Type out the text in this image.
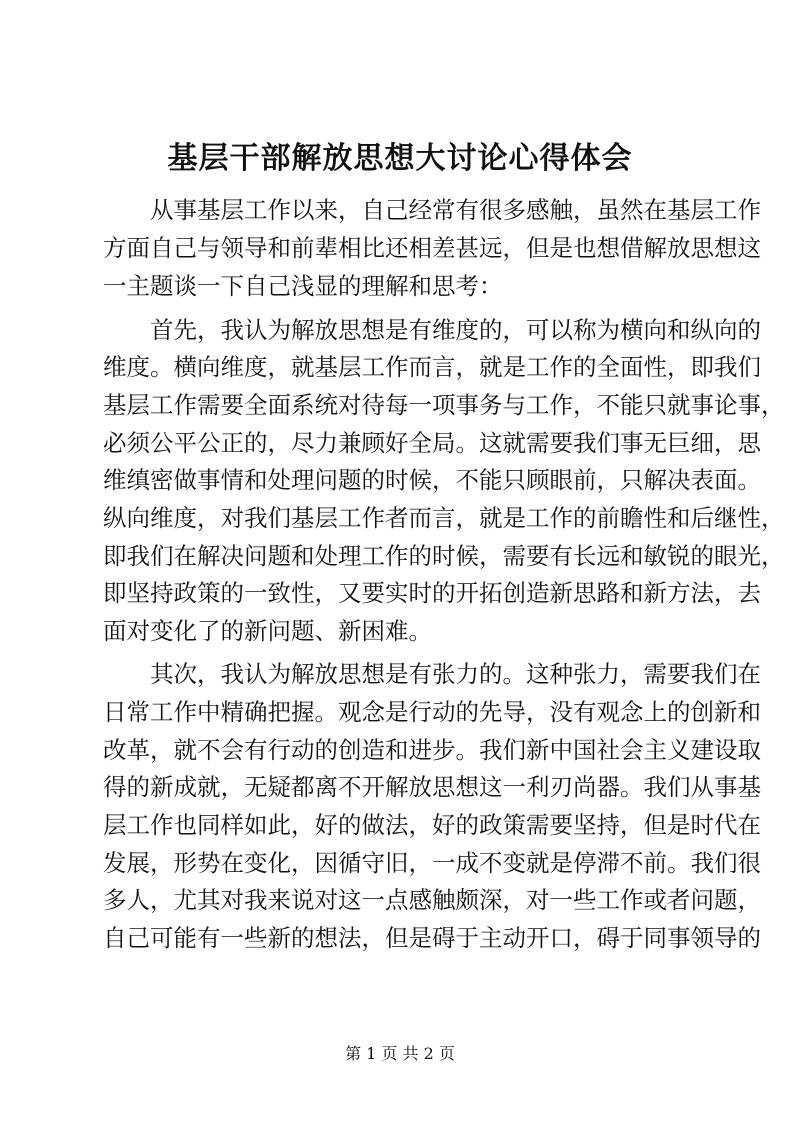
基层干部解放思想大讨论心得体会

从事基层工作以来，自己经常有很多感触，虽然在基层工作

方面自己与领导和前辈相比还相差甚远，但是也想借解放思想这

一主题谈一下自己浅显的理解和思考：

首先，我认为解放思想是有维度的，可以称为横向和纵向的

维度。横向维度，就基层工作而言，就是工作的全面性，即我们

基层工作需要全面系统对待每一项事务与工作，不能只就事论事，

必须公平公正的，尽力兼顾好全局。这就需要我们事无巨细，思

维缜密做事情和处理问题的时候，不能只顾眼前，只解决表面。

纵向维度，对我们基层工作者而言，就是工作的前瞻性和后继性，

即我们在解决问题和处理工作的时候，需要有长远和敏锐的眼光，

即坚持政策的一致性，又要实时的开拓创造新思路和新方法，去

面对变化了的新问题、新困难。

其次，我认为解放思想是有张力的。这种张力，需要我们在

日常工作中精确把握。观念是行动的先导，没有观念上的创新和

改革，就不会有行动的创造和进步。我们新中国社会主义建设取

得的新成就，无疑都离不开解放思想这一利刃尚器。我们从事基

层工作也同样如此，好的做法，好的政策需要坚持，但是时代在

发展，形势在变化，因循守旧，一成不变就是停滞不前。我们很

多人，尤其对我来说对这一点感触颇深，对一些工作或者问题，

自己可能有一些新的想法，但是碍于主动开口，碍于同事领导的

第 1 页 共 2 页
